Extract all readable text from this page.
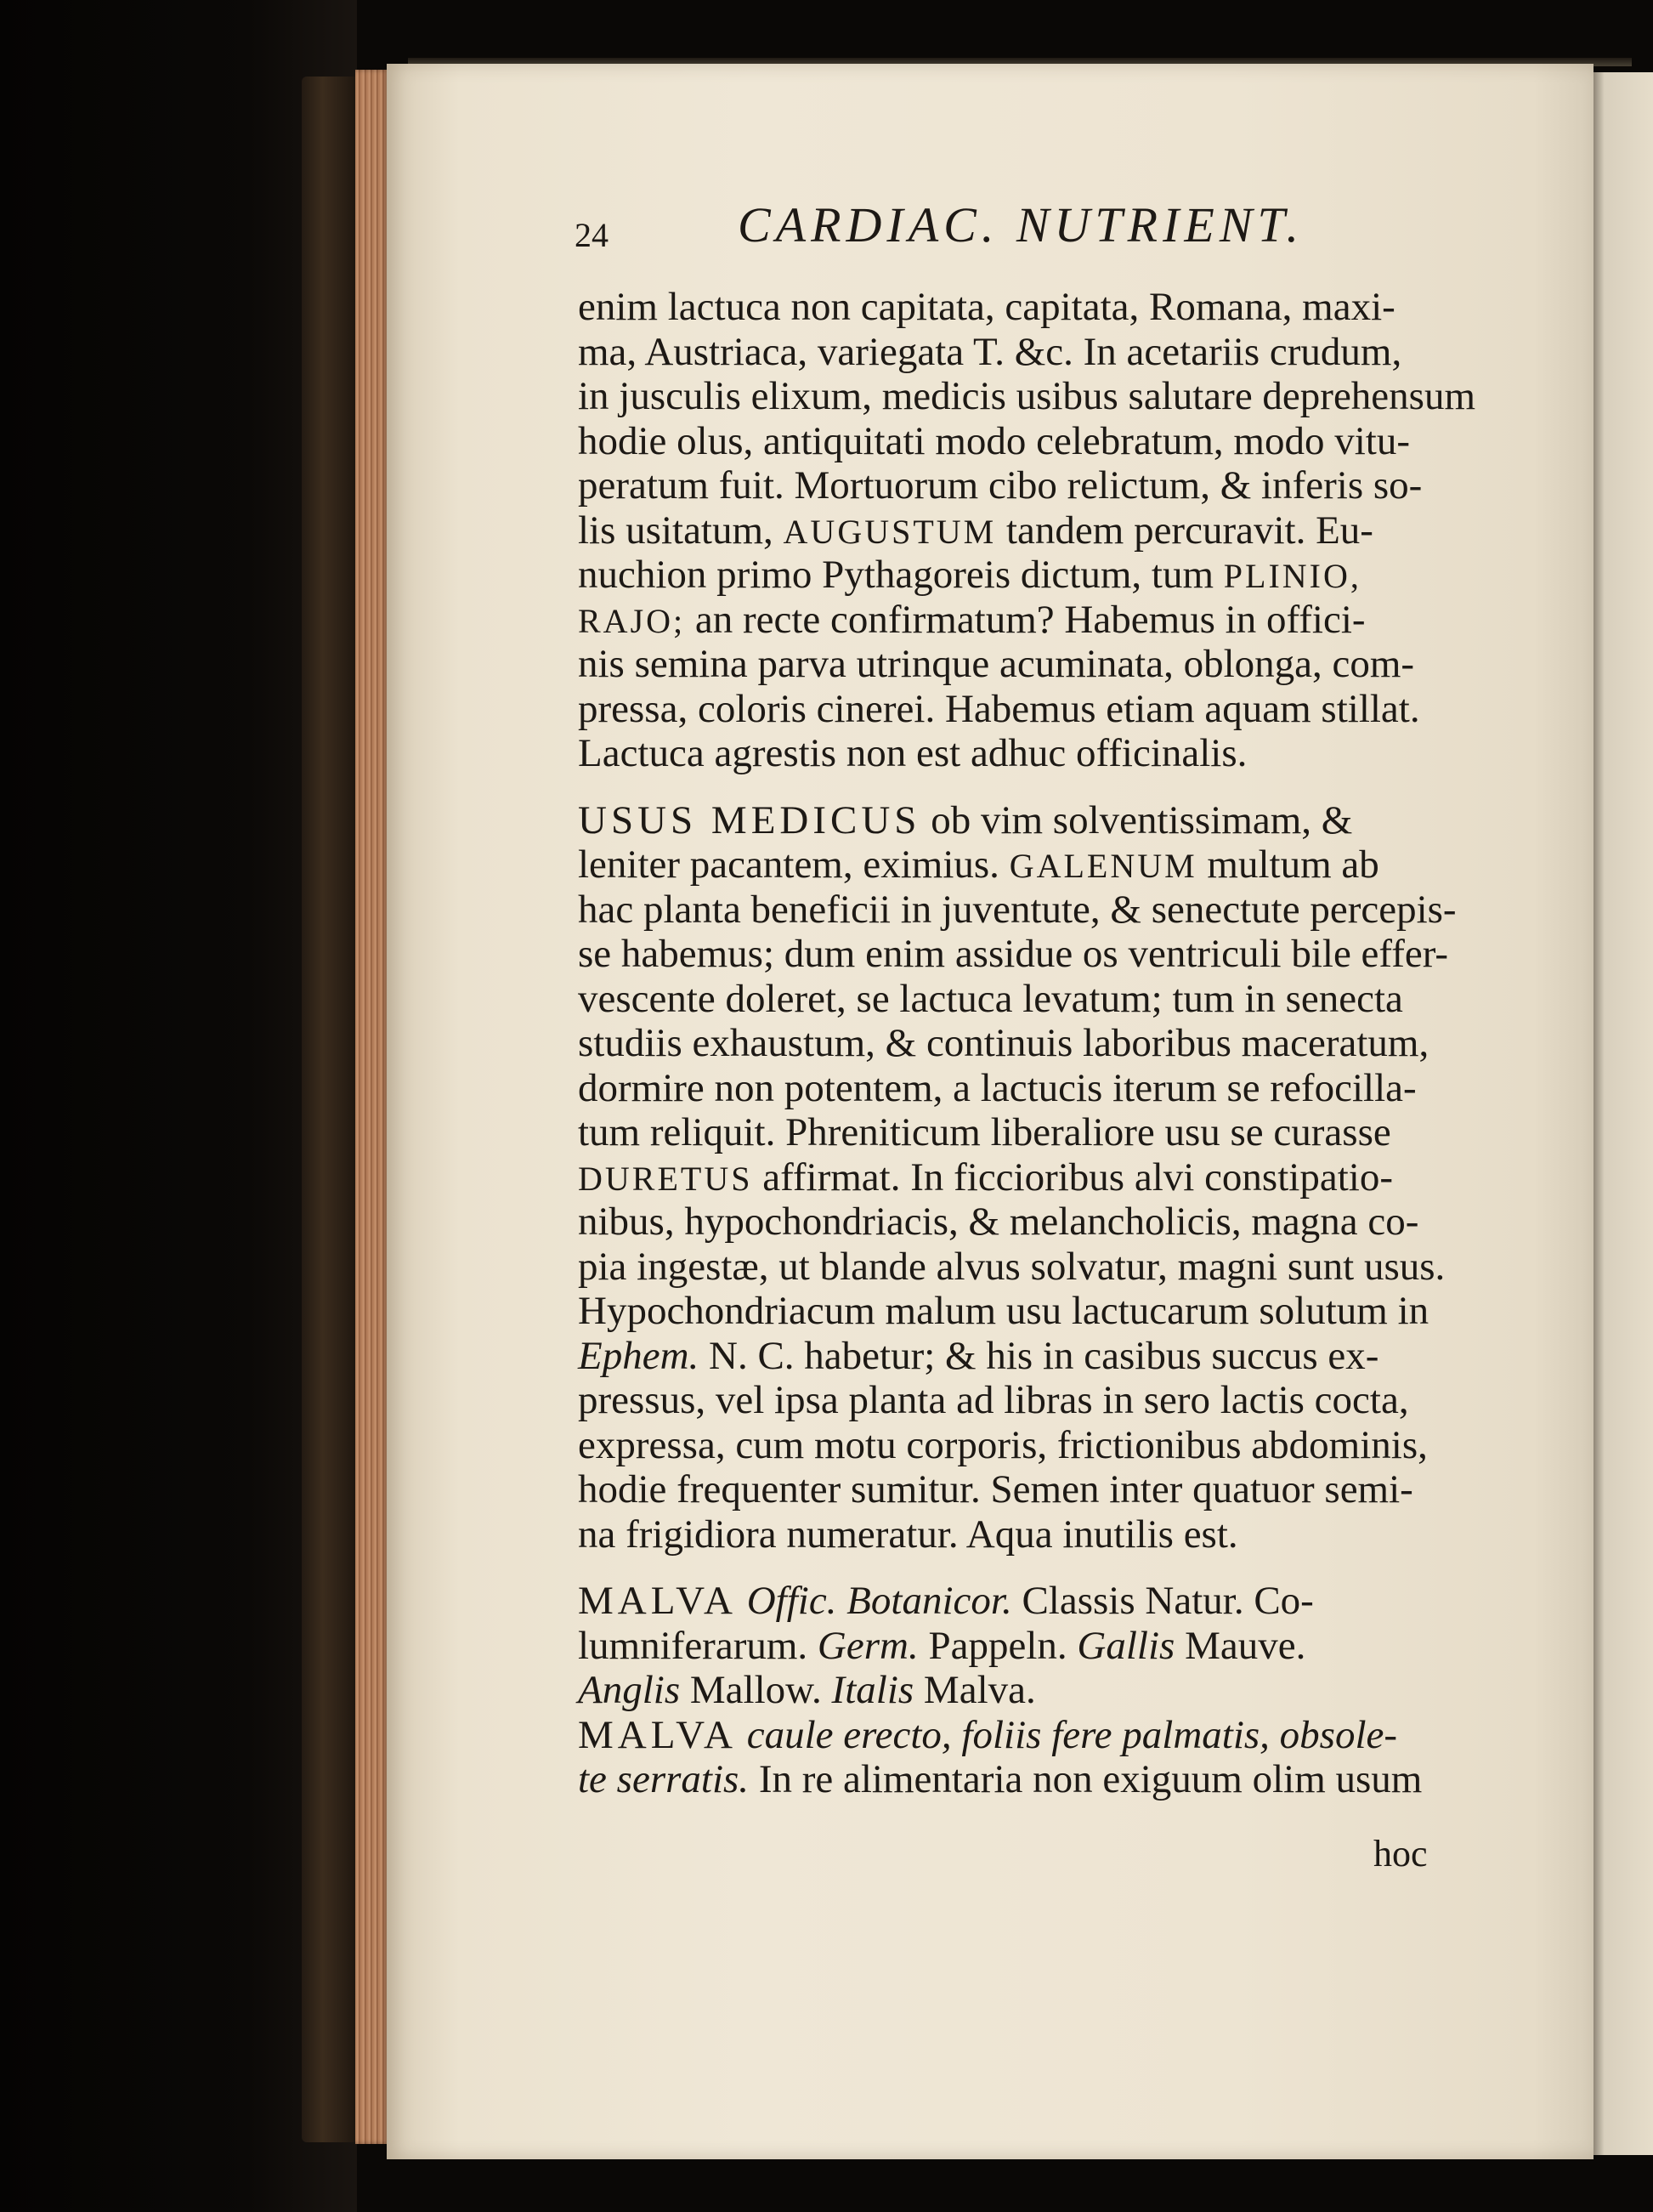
24	CARDIAC. NUTRIENT.
enim lactuca non capitata, capitata, Romana, maxi-
ma, Austriaca, variegata T. &c. In acetariis crudum,
in jusculis elixum, medicis usibus salutare deprehensum
hodie olus, antiquitati modo celebratum, modo vitu-
peratum fuit. Mortuorum cibo relictum, & inferis so-
lis usitatum, AUGUSTUM tandem percuravit. Eu-
nuchion primo Pythagoreis dictum, tum PLINIO,
RAJO; an recte confirmatum? Habemus in offici-
nis semina parva utrinque acuminata, oblonga, com-
pressa, coloris cinerei. Habemus etiam aquam stillat.
Lactuca agrestis non est adhuc officinalis.
USUS MEDICUS ob vim solventissimam, &
leniter pacantem, eximius. GALENUM multum ab
hac planta beneficii in juventute, & senectute percepis-
se habemus; dum enim assidue os ventriculi bile effer-
vescente doleret, se lactuca levatum; tum in senecta
studiis exhaustum, & continuis laboribus maceratum,
dormire non potentem, a lactucis iterum se refocilla-
tum reliquit. Phreniticum liberaliore usu se curasse
DURETUS affirmat. In ficcioribus alvi constipatio-
nibus, hypochondriacis, & melancholicis, magna co-
pia ingestæ, ut blande alvus solvatur, magni sunt usus.
Hypochondriacum malum usu lactucarum solutum in
Ephem. N. C. habetur; & his in casibus succus ex-
pressus, vel ipsa planta ad libras in sero lactis cocta,
expressa, cum motu corporis, frictionibus abdominis,
hodie frequenter sumitur. Semen inter quatuor semi-
na frigidiora numeratur. Aqua inutilis est.
MALVA Offic. Botanicor. Classis Natur. Co-
lumniferarum. Germ. Pappeln. Gallis Mauve.
Anglis Mallow. Italis Malva.
MALVA caule erecto, foliis fere palmatis, obsole-
te serratis. In re alimentaria non exiguum olim usum
hoc
